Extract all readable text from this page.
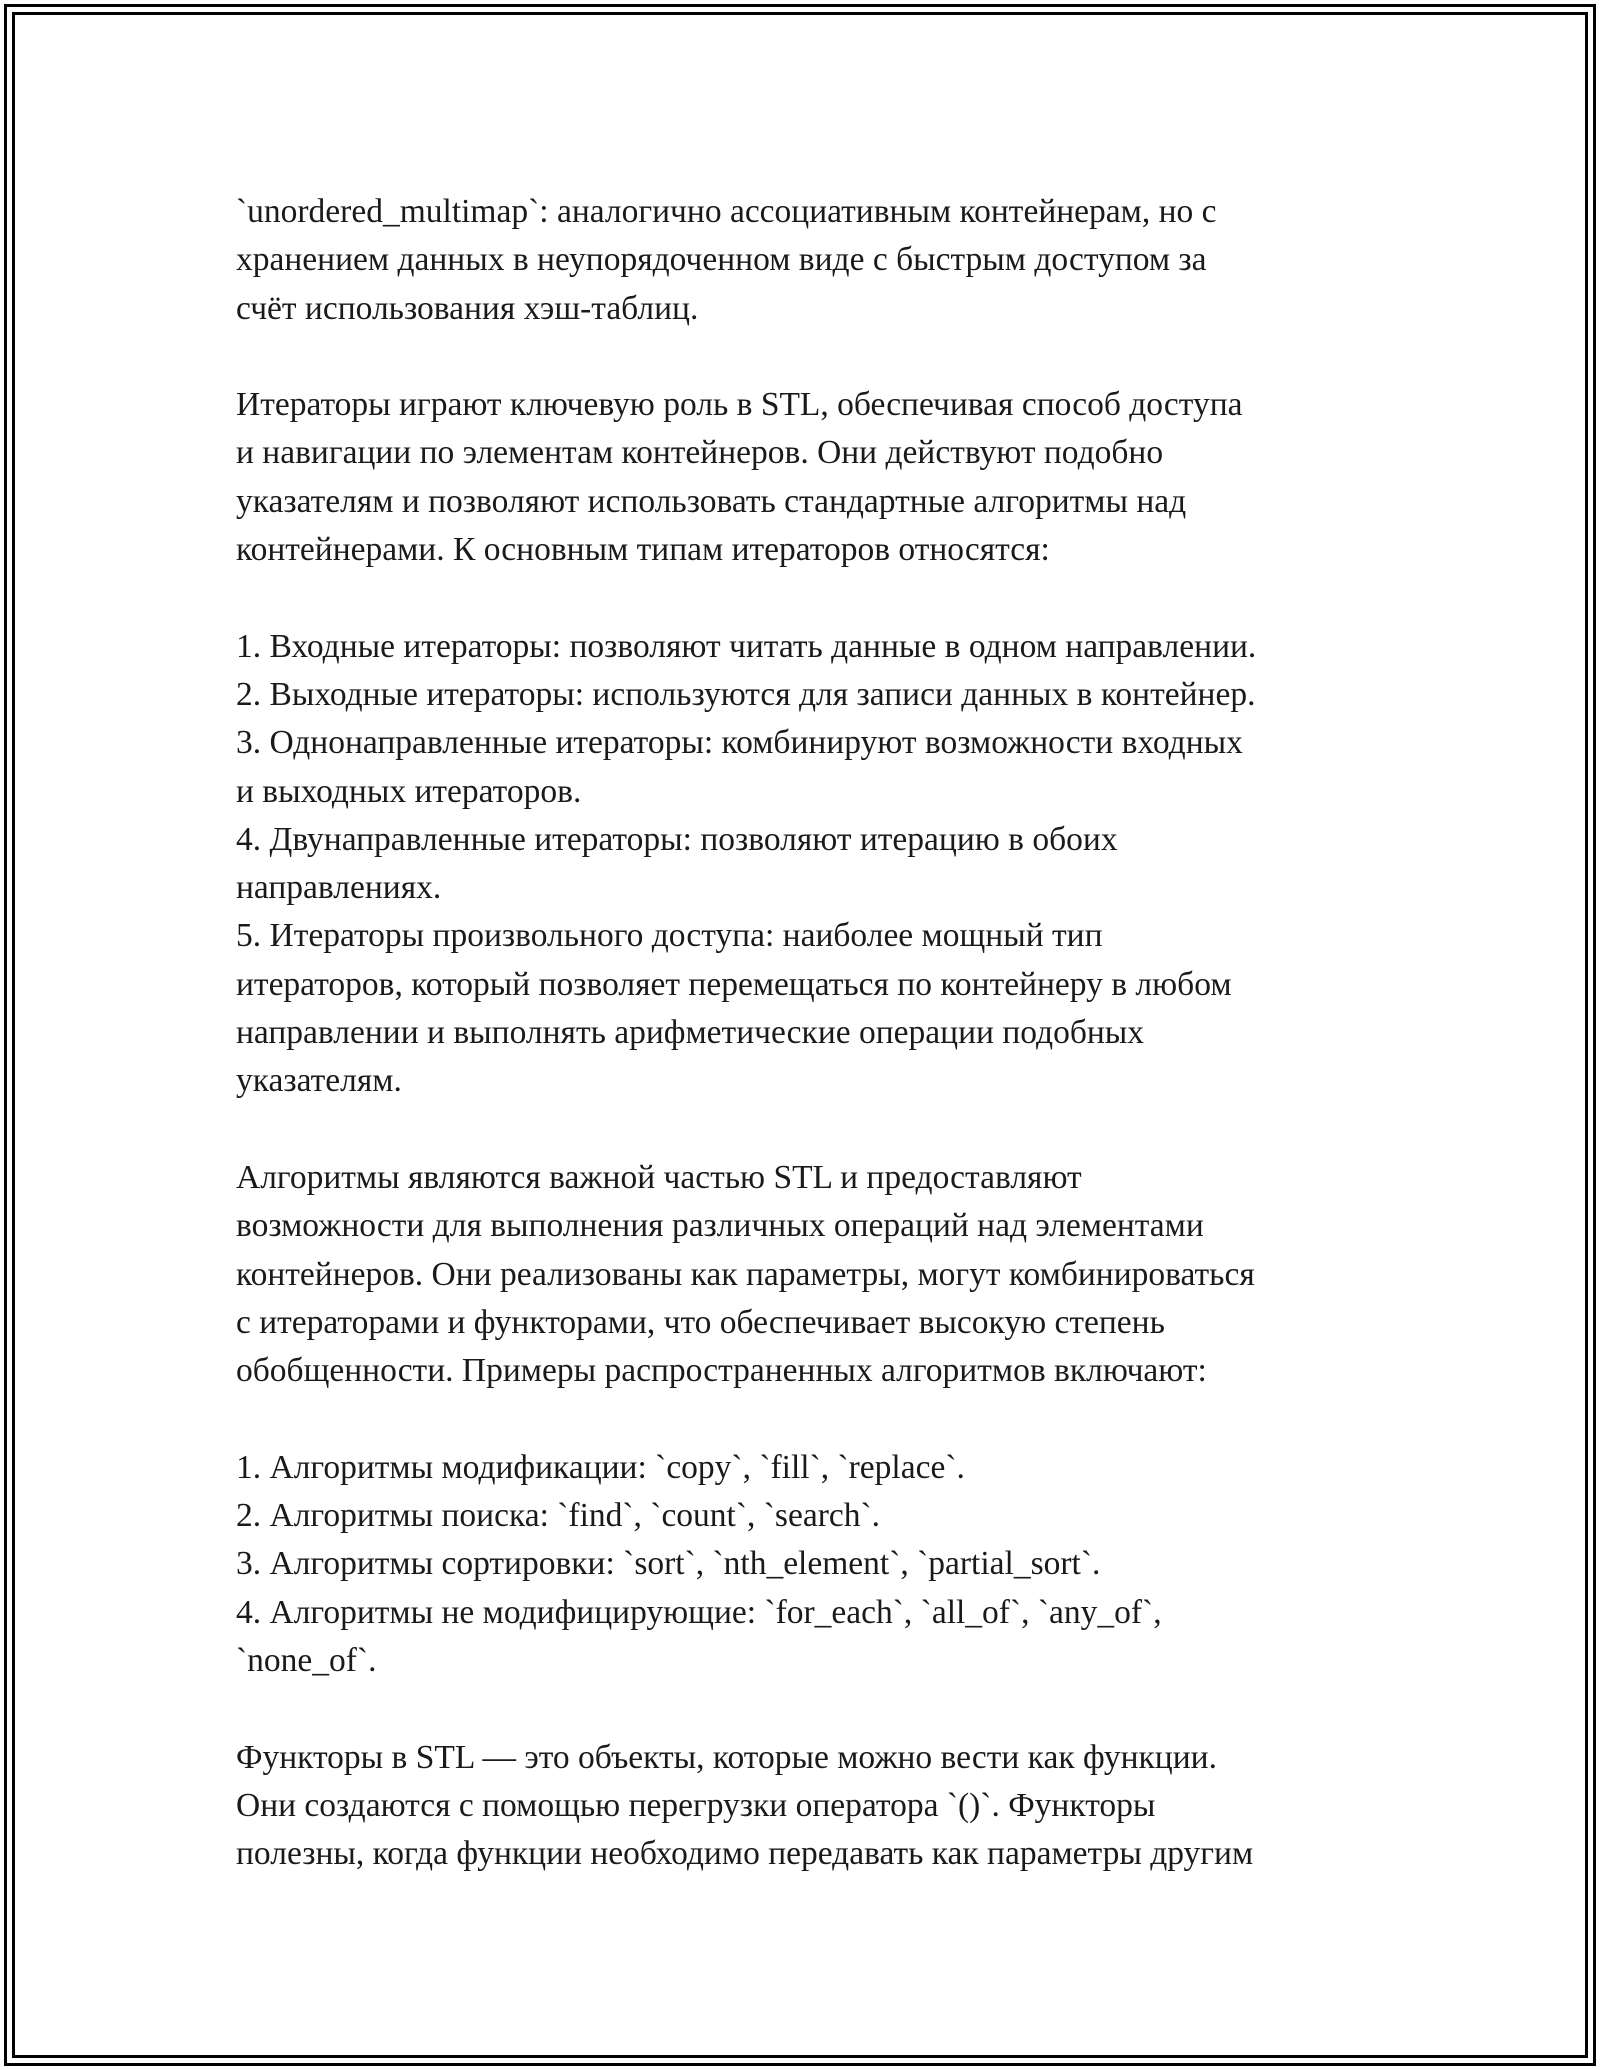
`unordered_multimap`: аналогично ассоциативным контейнерам, но с
хранением данных в неупорядоченном виде с быстрым доступом за
счёт использования хэш-таблиц.

Итераторы играют ключевую роль в STL, обеспечивая способ доступа
и навигации по элементам контейнеров. Они действуют подобно
указателям и позволяют использовать стандартные алгоритмы над
контейнерами. К основным типам итераторов относятся:

1. Входные итераторы: позволяют читать данные в одном направлении.
2. Выходные итераторы: используются для записи данных в контейнер.
3. Однонаправленные итераторы: комбинируют возможности входных
и выходных итераторов.
4. Двунаправленные итераторы: позволяют итерацию в обоих
направлениях.
5. Итераторы произвольного доступа: наиболее мощный тип
итераторов, который позволяет перемещаться по контейнеру в любом
направлении и выполнять арифметические операции подобных
указателям.

Алгоритмы являются важной частью STL и предоставляют
возможности для выполнения различных операций над элементами
контейнеров. Они реализованы как параметры, могут комбинироваться
с итераторами и функторами, что обеспечивает высокую степень
обобщенности. Примеры распространенных алгоритмов включают:

1. Алгоритмы модификации: `copy`, `fill`, `replace`.
2. Алгоритмы поиска: `find`, `count`, `search`.
3. Алгоритмы сортировки: `sort`, `nth_element`, `partial_sort`.
4. Алгоритмы не модифицирующие: `for_each`, `all_of`, `any_of`,
`none_of`.

Функторы в STL — это объекты, которые можно вести как функции.
Они создаются с помощью перегрузки оператора `()`. Функторы
полезны, когда функции необходимо передавать как параметры другим
